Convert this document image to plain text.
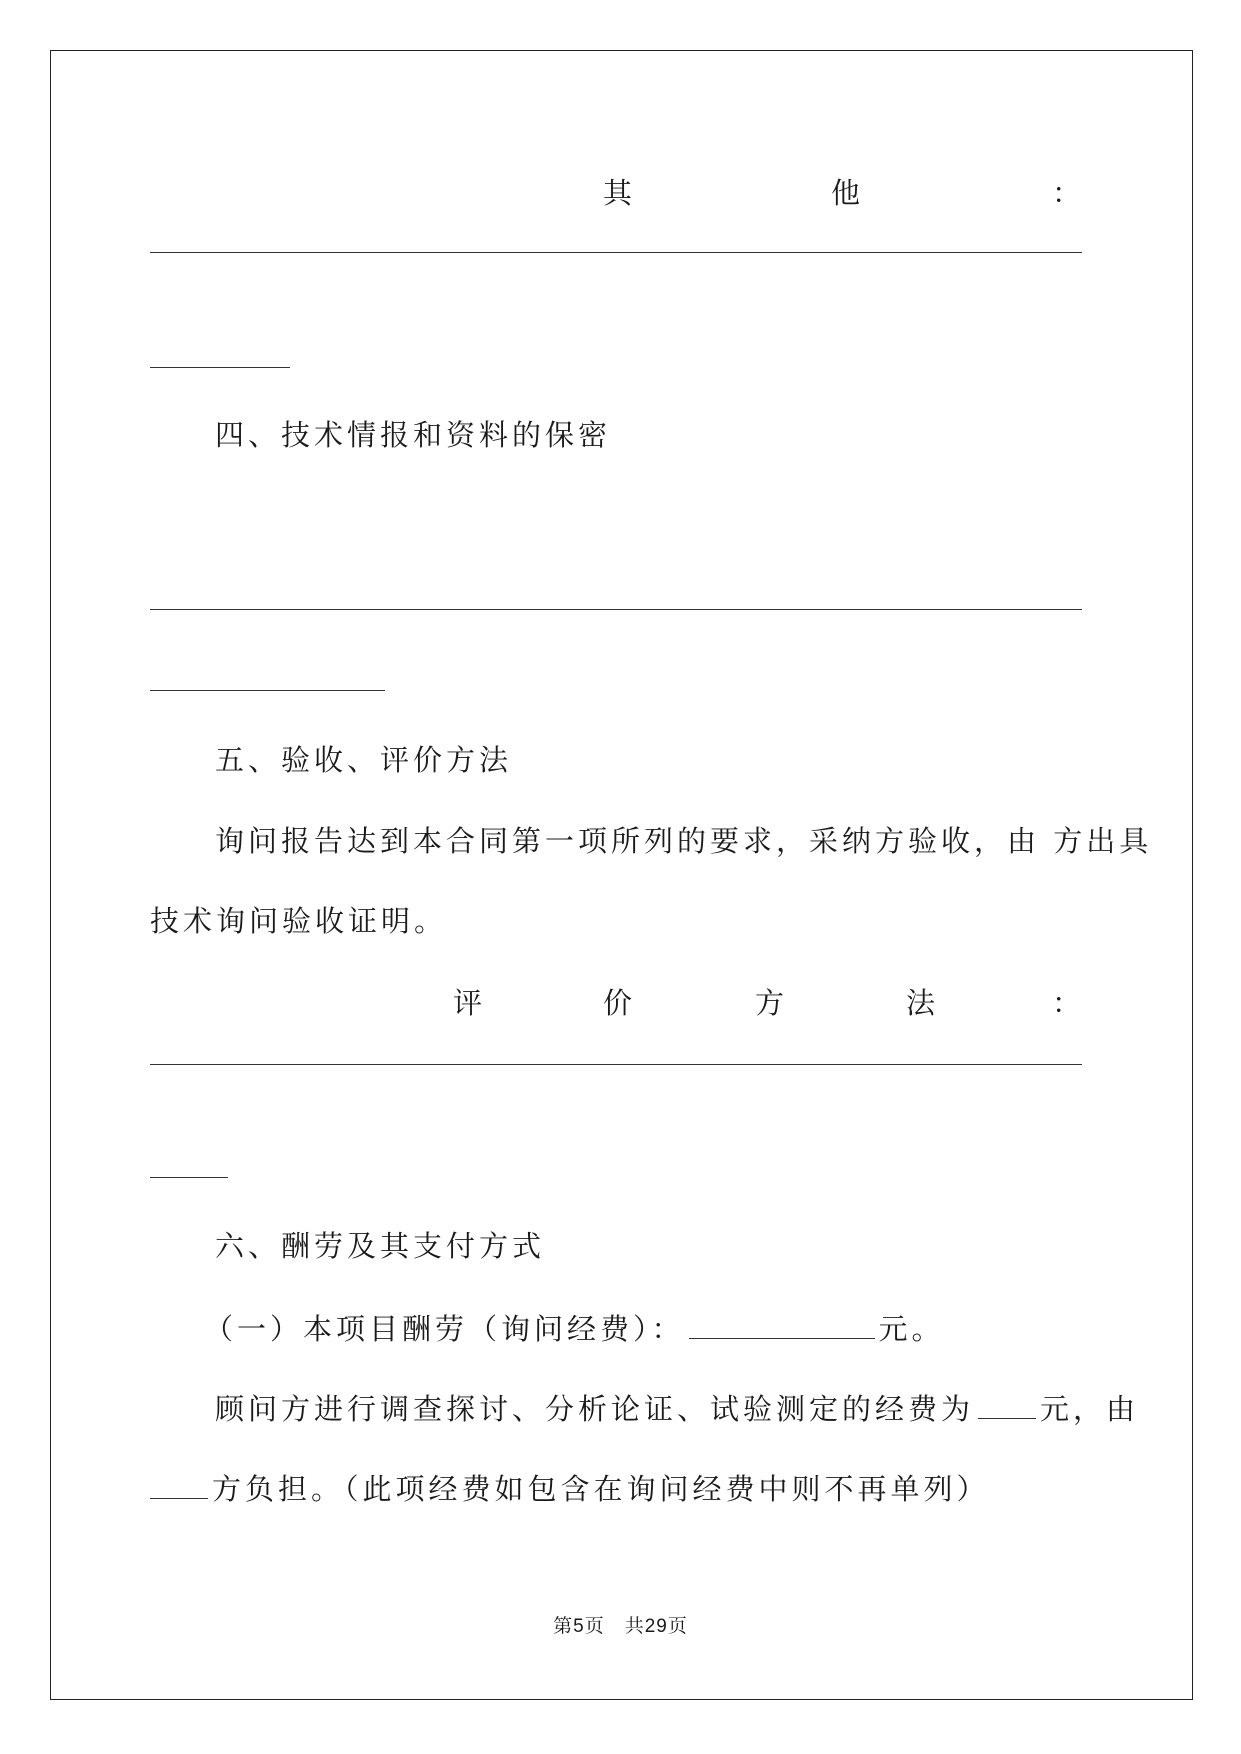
其	他	：
四、技术情报和资料的保密
五、验收、评价方法
询问报告达到本合同第一项所列的要求，采纳方验收，由 方出具
技术询问验收证明。
评	价	方	法	：
六、酬劳及其支付方式
（一）本项目酬劳（询问经费）：	元。
顾问方进行调查探讨、分析论证、试验测定的经费为 元，由
方负担。（此项经费如包含在询问经费中则不再单列）
第5页　共29页
